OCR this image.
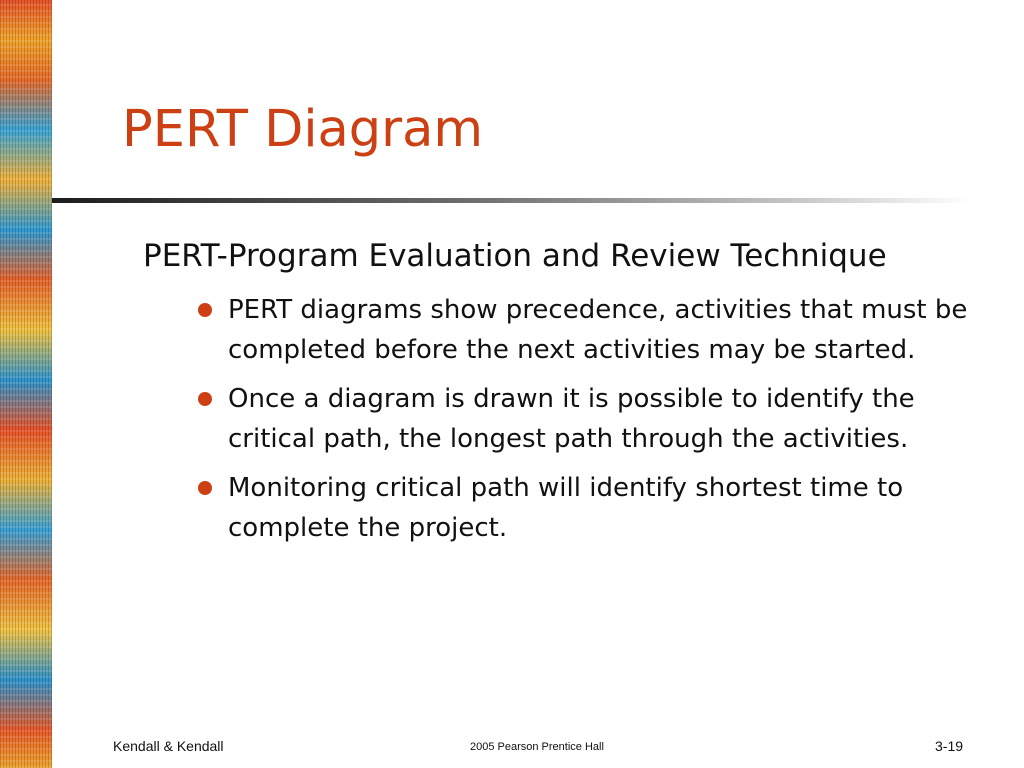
PERT Diagram
PERT-Program Evaluation and Review Technique
PERT diagrams show precedence, activities that must be completed before the next activities may be started.
Once a diagram is drawn it is possible to identify the critical path, the longest path through the activities.
Monitoring critical path will identify shortest time to complete the project.
Kendall & Kendall	2005 Pearson Prentice Hall	3-19
